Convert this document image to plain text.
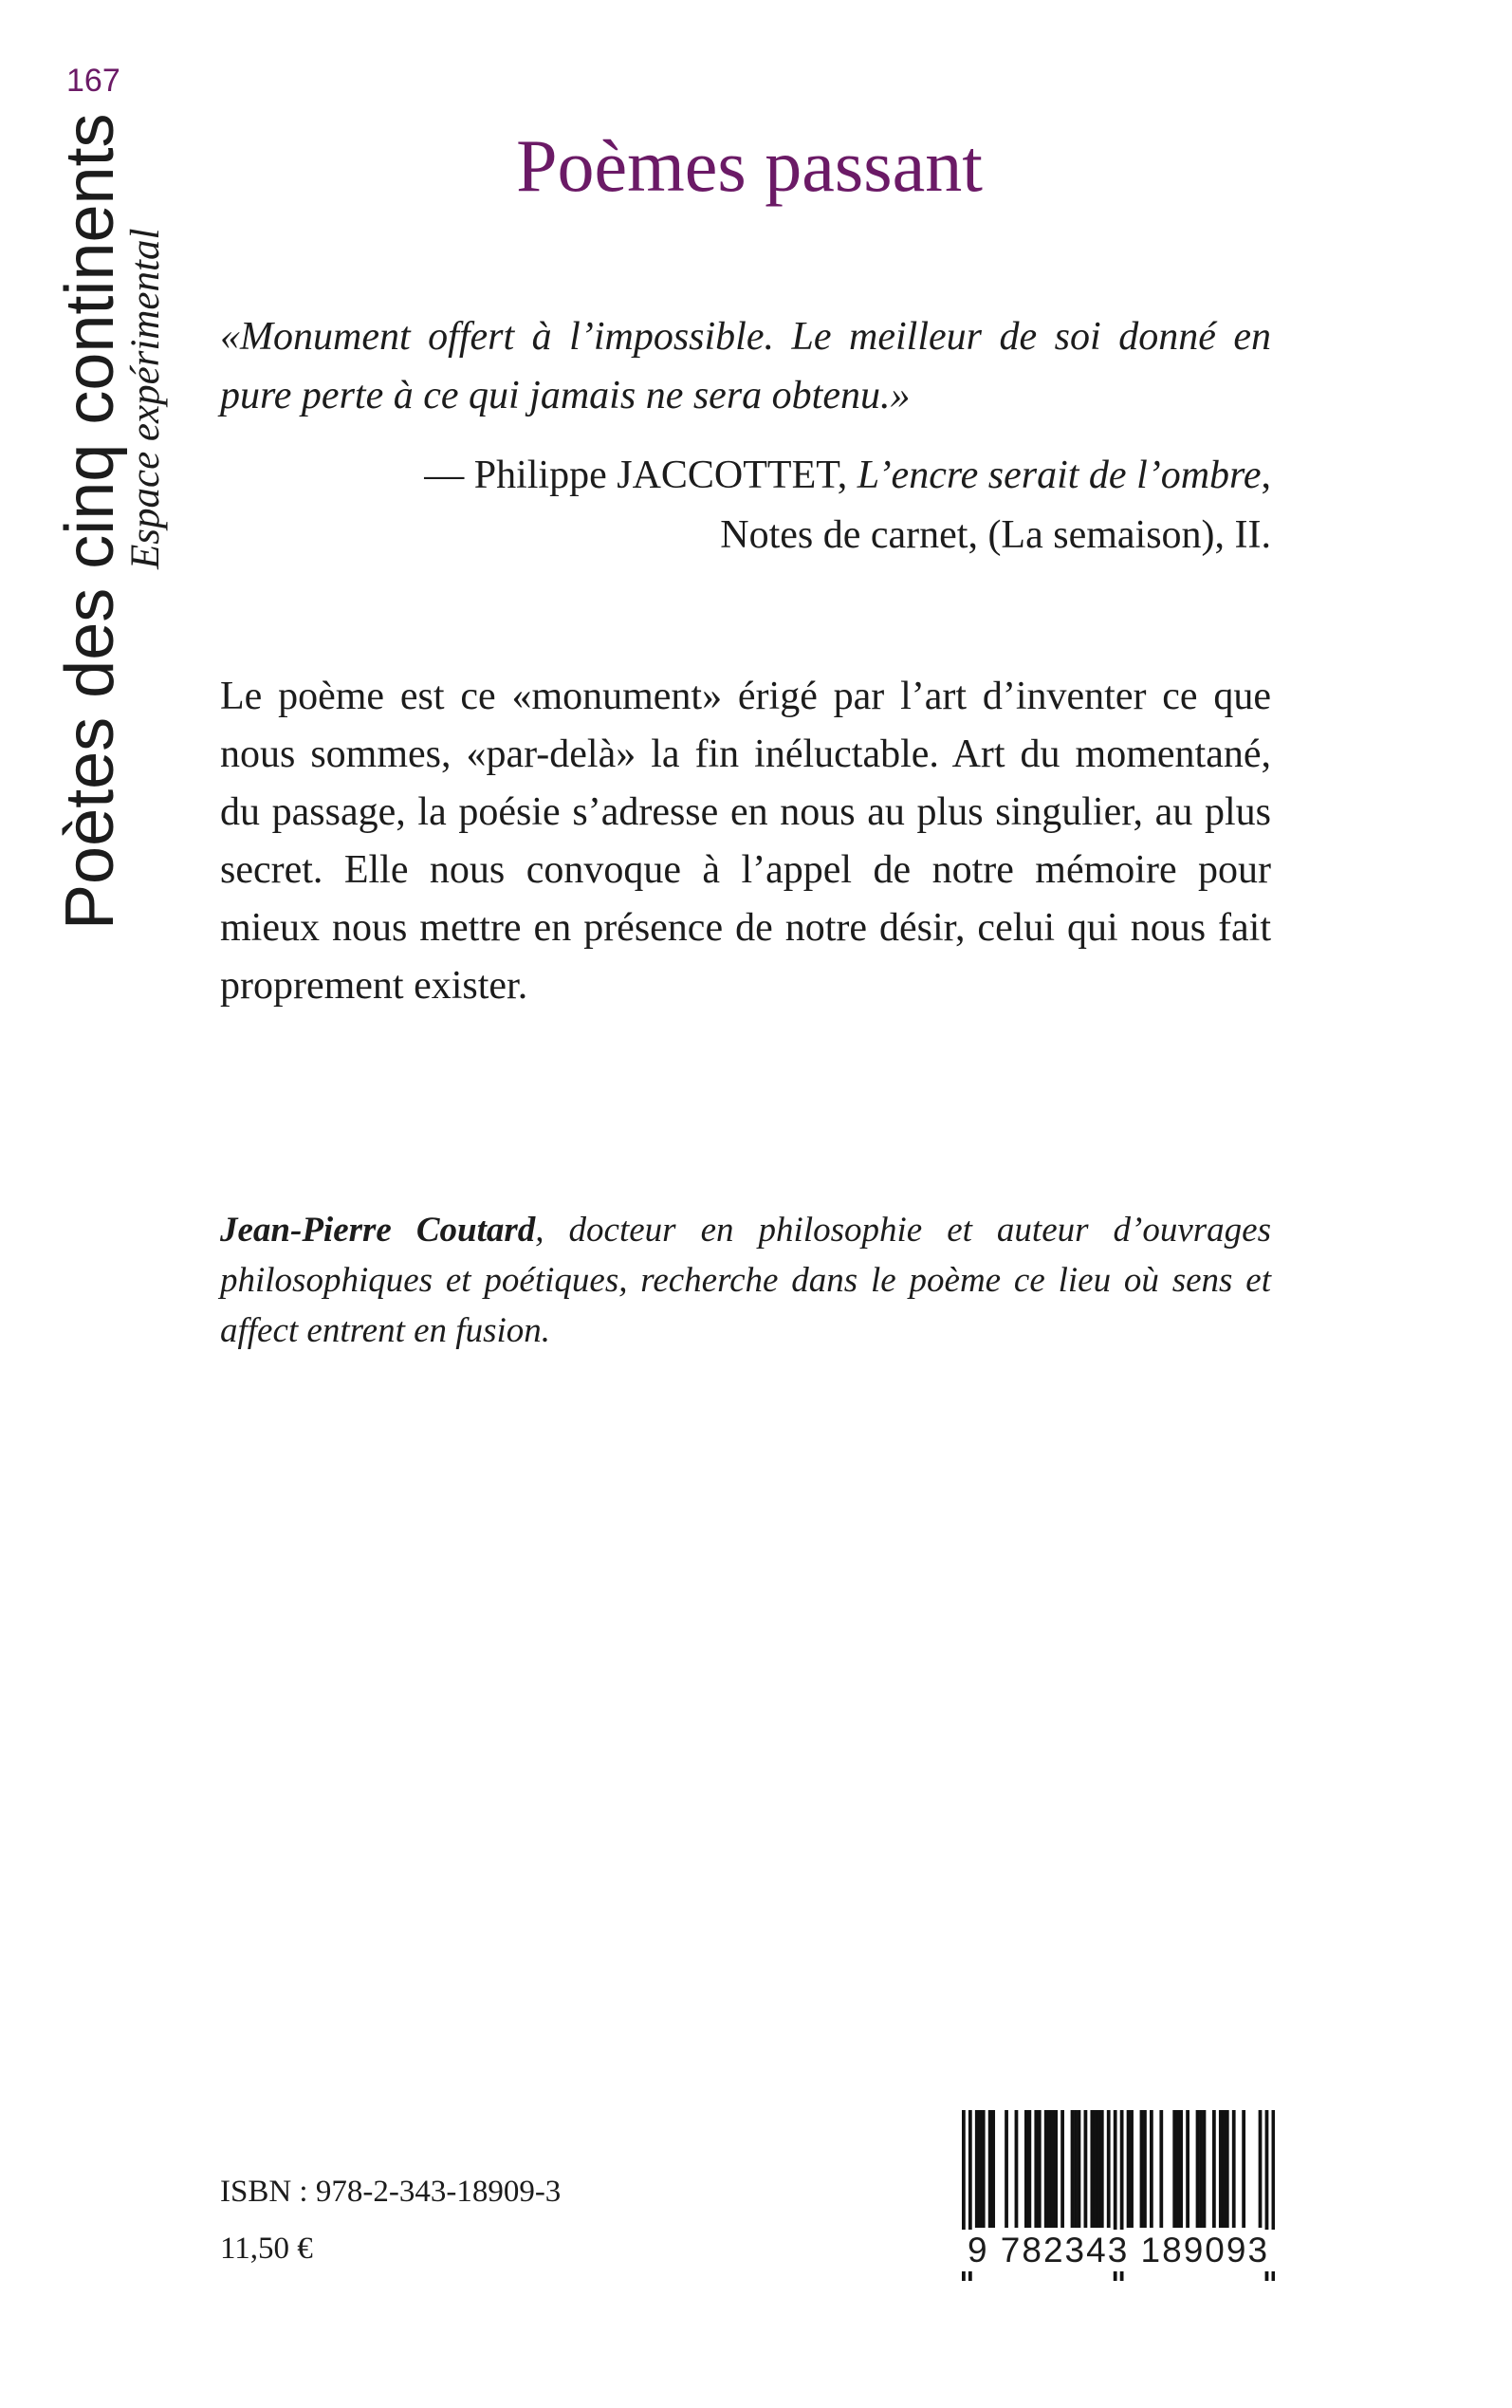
167
Poètes des cinq continents
Espace expérimental
Poèmes passant
«Monument offert à l’impossible. Le meilleur de soi donné en pure perte à ce qui jamais ne sera obtenu.»
— Philippe JACCOTTET, L’encre serait de l’ombre,
Notes de carnet, (La semaison), II.
Le poème est ce «monument» érigé par l’art d’inventer ce que nous sommes, «par-delà» la fin inéluctable. Art du momentané, du passage, la poésie s’adresse en nous au plus singulier, au plus secret. Elle nous convoque à l’appel de notre mémoire pour mieux nous mettre en présence de notre désir, celui qui nous fait proprement exister.
Jean-Pierre Coutard, docteur en philosophie et auteur d’ouvrages philosophiques et poétiques, recherche dans le poème ce lieu où sens et affect entrent en fusion.
ISBN : 978-2-343-18909-3
11,50 €	9 782343 189093
